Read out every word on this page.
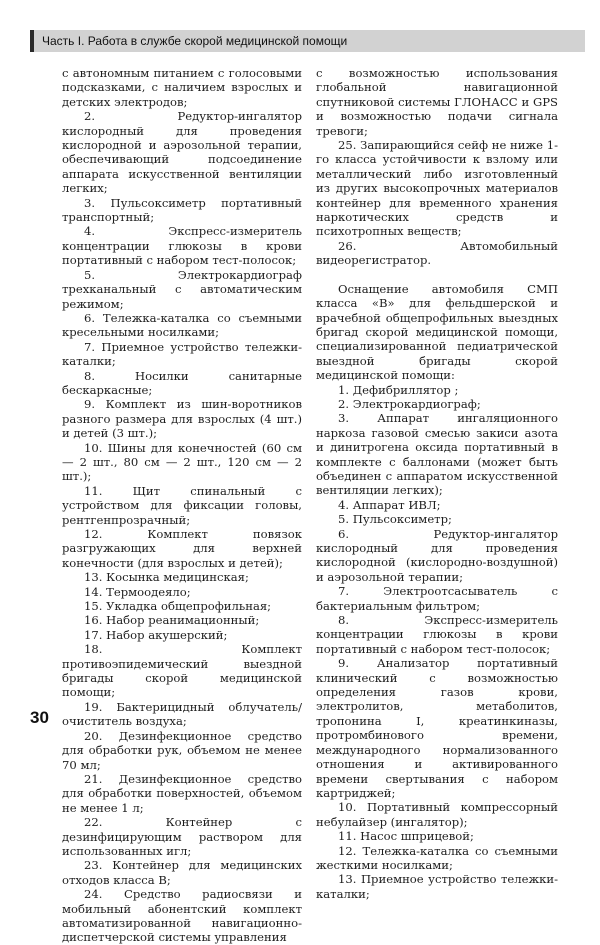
Часть I. Работа в службе скорой медицинской помощи

с автономным питанием с голосовыми подсказками, с наличием взрослых и детских электродов;

2. Редуктор-ингалятор кислородный для проведения кислородной и аэрозольной терапии, обеспечивающий подсоединение аппарата искусственной вентиляции легких;

3. Пульсоксиметр портативный транспортный;

4. Экспресс-измеритель концентрации глюкозы в крови портативный с набором тест-полосок;

5. Электрокардиограф трехканальный с автоматическим режимом;

6. Тележка-каталка со съемными кресельными носилками;

7. Приемное устройство тележки-каталки;

8. Носилки санитарные бескаркасные;

9. Комплект из шин-воротников разного размера для взрослых (4 шт.) и детей (3 шт.);

10. Шины для конечностей (60 см — 2 шт., 80 см — 2 шт., 120 см — 2 шт.);

11. Щит спинальный с устройством для фиксации головы, рентгенпрозрачный;

12. Комплект повязок разгружающих для верхней конечности (для взрослых и детей);

13. Косынка медицинская;

14. Термоодеяло;

15. Укладка общепрофильная;

16. Набор реанимационный;

17. Набор акушерский;

18. Комплект противоэпидемический выездной бригады скорой медицинской помощи;

19. Бактерицидный облучатель/очиститель воздуха;

20. Дезинфекционное средство для обработки рук, объемом не менее 70 мл;

21. Дезинфекционное средство для обработки поверхностей, объемом не менее 1 л;

22. Контейнер с дезинфицирующим раствором для использованных игл;

23. Контейнер для медицинских отходов класса В;

24. Средство радиосвязи и мобильный абонентский комплект автоматизированной навигационно-диспетчерской системы управления

с возможностью использования глобальной навигационной спутниковой системы ГЛОНАСС и GPS и возможностью подачи сигнала тревоги;

25. Запирающийся сейф не ниже 1-го класса устойчивости к взлому или металлический либо изготовленный из других высокопрочных материалов контейнер для временного хранения наркотических средств и психотропных веществ;

26. Автомобильный видеорегистратор.

Оснащение автомобиля СМП класса «В» для фельдшерской и врачебной общепрофильных выездных бригад скорой медицинской помощи, специализированной педиатрической выездной бригады скорой медицинской помощи:

1. Дефибриллятор ;

2. Электрокардиограф;

3. Аппарат ингаляционного наркоза газовой смесью закиси азота и динитрогена оксида портативный в комплекте с баллонами (может быть объединен с аппаратом искусственной вентиляции легких);

4. Аппарат ИВЛ;

5. Пульсоксиметр;

6. Редуктор-ингалятор кислородный для проведения кислородной (кислородно-воздушной) и аэрозольной терапии;

7. Электроотсасыватель с бактериальным фильтром;

8. Экспресс-измеритель концентрации глюкозы в крови портативный с набором тест-полосок;

9. Анализатор портативный клинический с возможностью определения газов крови, электролитов, метаболитов, тропонина I, креатинкиназы, протромбинового времени, международного нормализованного отношения и активированного времени свертывания с набором картриджей;

10. Портативный компрессорный небулайзер (ингалятор);

11. Насос шприцевой;

12. Тележка-каталка со съемными жесткими носилками;

13. Приемное устройство тележки-каталки;

30
